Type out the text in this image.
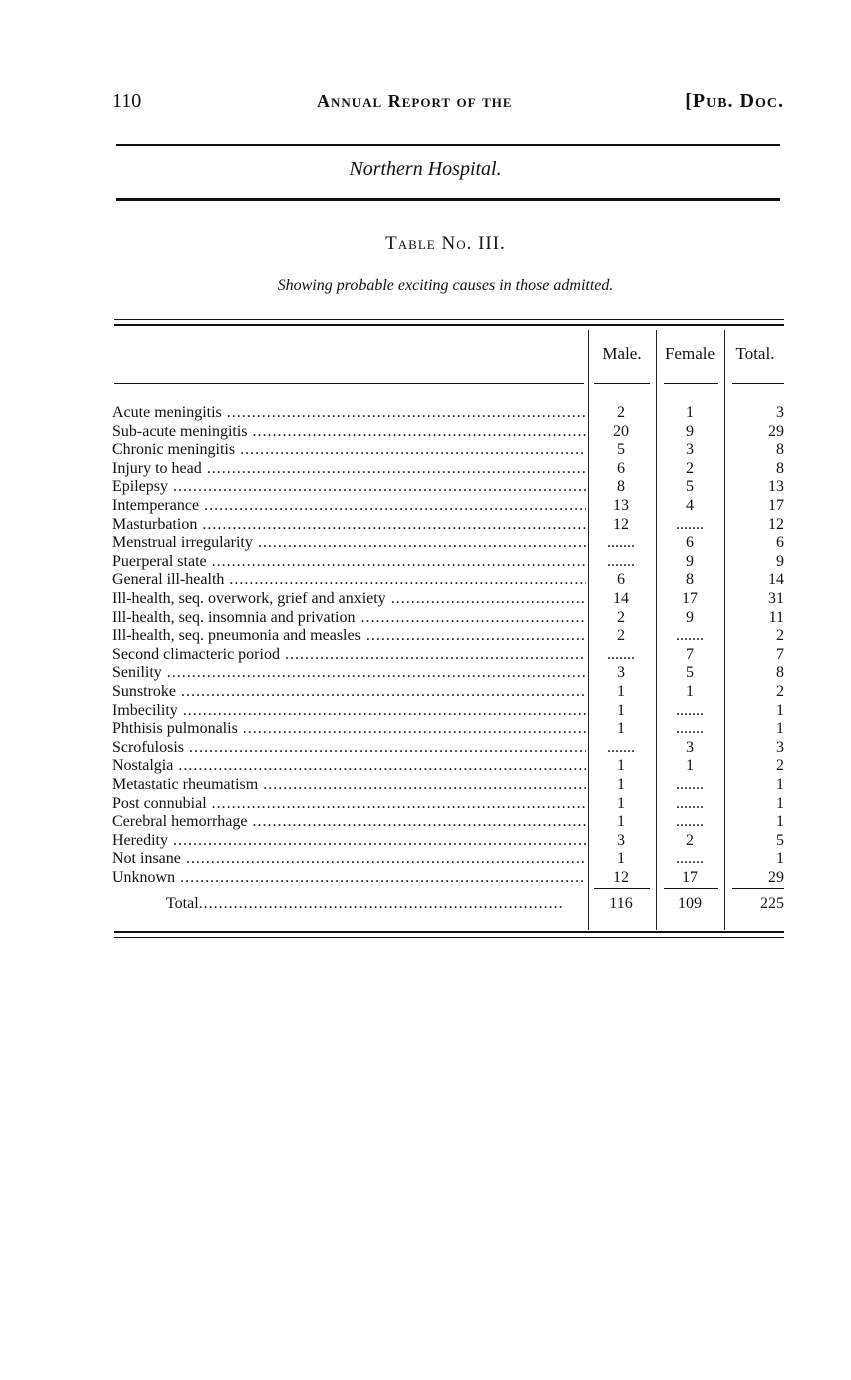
110	Annual Report of the	[Pub. Doc.
Northern Hospital.
Table No. III.
Showing probable exciting causes in those admitted.
Male.	Female	Total.
Acute meningitis .....	2	1	3
Sub-acute meningitis .....	20	9	29
Chronic meningitis .....	5	3	8
Injury to head .....	6	2	8
Epilepsy .....	8	5	13
Intemperance .....	13	4	17
Masturbation .....	12	.......	12
Menstrual irregularity .....	.......	6	6
Puerperal state .....	.......	9	9
General ill-health .....	6	8	14
Ill-health, seq. overwork, grief and anxiety .....	14	17	31
Ill-health, seq. insomnia and privation .....	2	9	11
Ill-health, seq. pneumonia and measles .....	2	.......	2
Second climacteric poriod .....	.......	7	7
Senility .....	3	5	8
Sunstroke .....	1	1	2
Imbecility .....	1	.......	1
Phthisis pulmonalis .....	1	.......	1
Scrofulosis .....	.......	3	3
Nostalgia .....	1	1	2
Metastatic rheumatism .....	1	.......	1
Post connubial .....	1	.......	1
Cerebral hemorrhage .....	1	.......	1
Heredity .....	3	2	5
Not insane .....	1	.......	1
Unknown .....	12	17	29
Total .....	116	109	225
